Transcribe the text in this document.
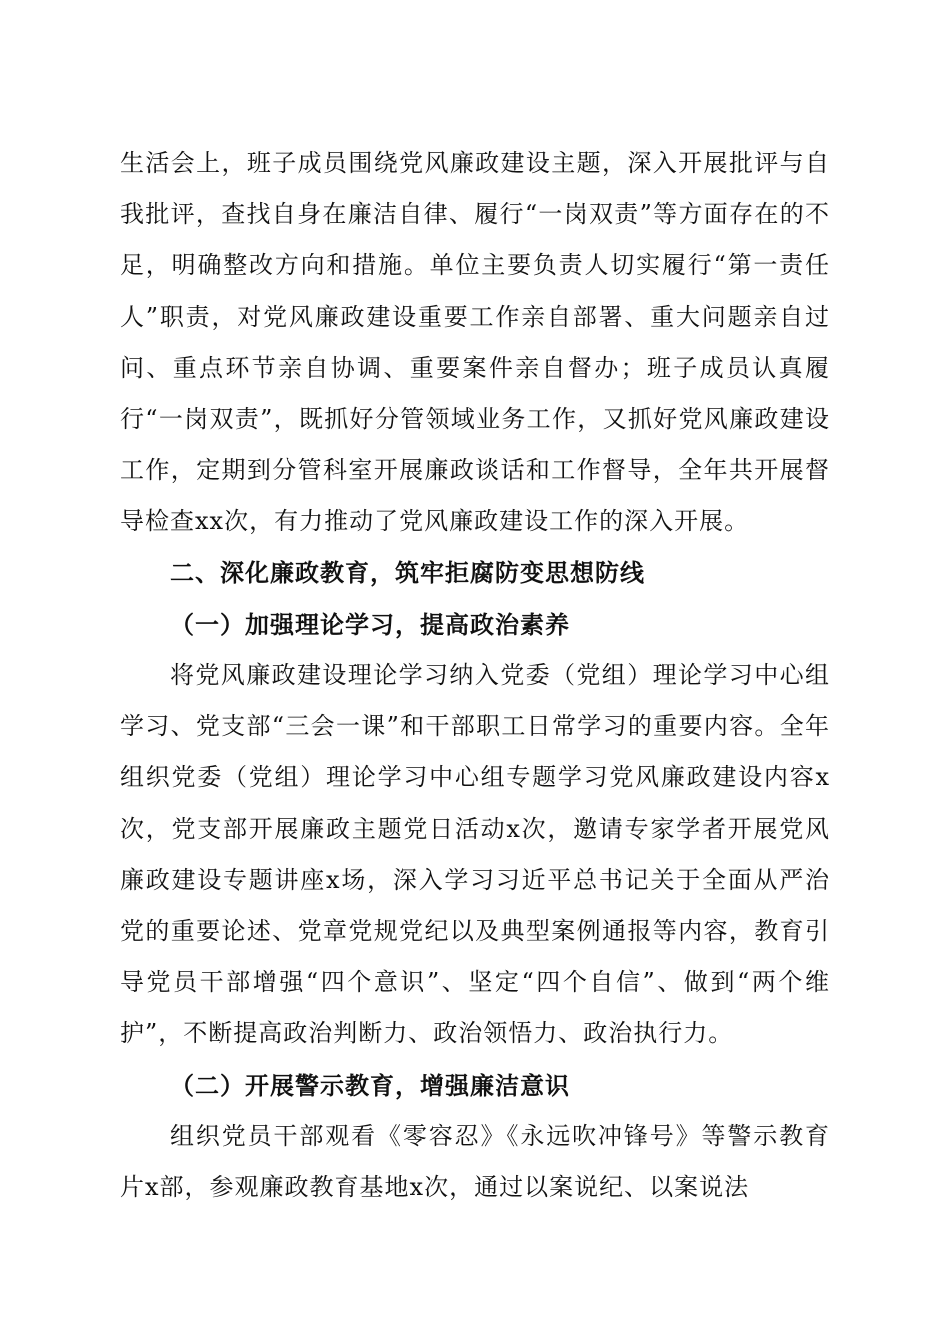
生活会上，班子成员围绕党风廉政建设主题，深入开展批评与自我批评，查找自身在廉洁自律、履行“一岗双责”等方面存在的不足，明确整改方向和措施。单位主要负责人切实履行“第一责任人”职责，对党风廉政建设重要工作亲自部署、重大问题亲自过问、重点环节亲自协调、重要案件亲自督办；班子成员认真履行“一岗双责”，既抓好分管领域业务工作，又抓好党风廉政建设工作，定期到分管科室开展廉政谈话和工作督导，全年共开展督导检查xx次，有力推动了党风廉政建设工作的深入开展。

二、深化廉政教育，筑牢拒腐防变思想防线

（一）加强理论学习，提高政治素养

将党风廉政建设理论学习纳入党委（党组）理论学习中心组学习、党支部“三会一课”和干部职工日常学习的重要内容。全年组织党委（党组）理论学习中心组专题学习党风廉政建设内容x次，党支部开展廉政主题党日活动x次，邀请专家学者开展党风廉政建设专题讲座x场，深入学习习近平总书记关于全面从严治党的重要论述、党章党规党纪以及典型案例通报等内容，教育引导党员干部增强“四个意识”、坚定“四个自信”、做到“两个维护”，不断提高政治判断力、政治领悟力、政治执行力。

（二）开展警示教育，增强廉洁意识

组织党员干部观看《零容忍》《永远吹冲锋号》等警示教育片x部，参观廉政教育基地x次，通过以案说纪、以案说法
